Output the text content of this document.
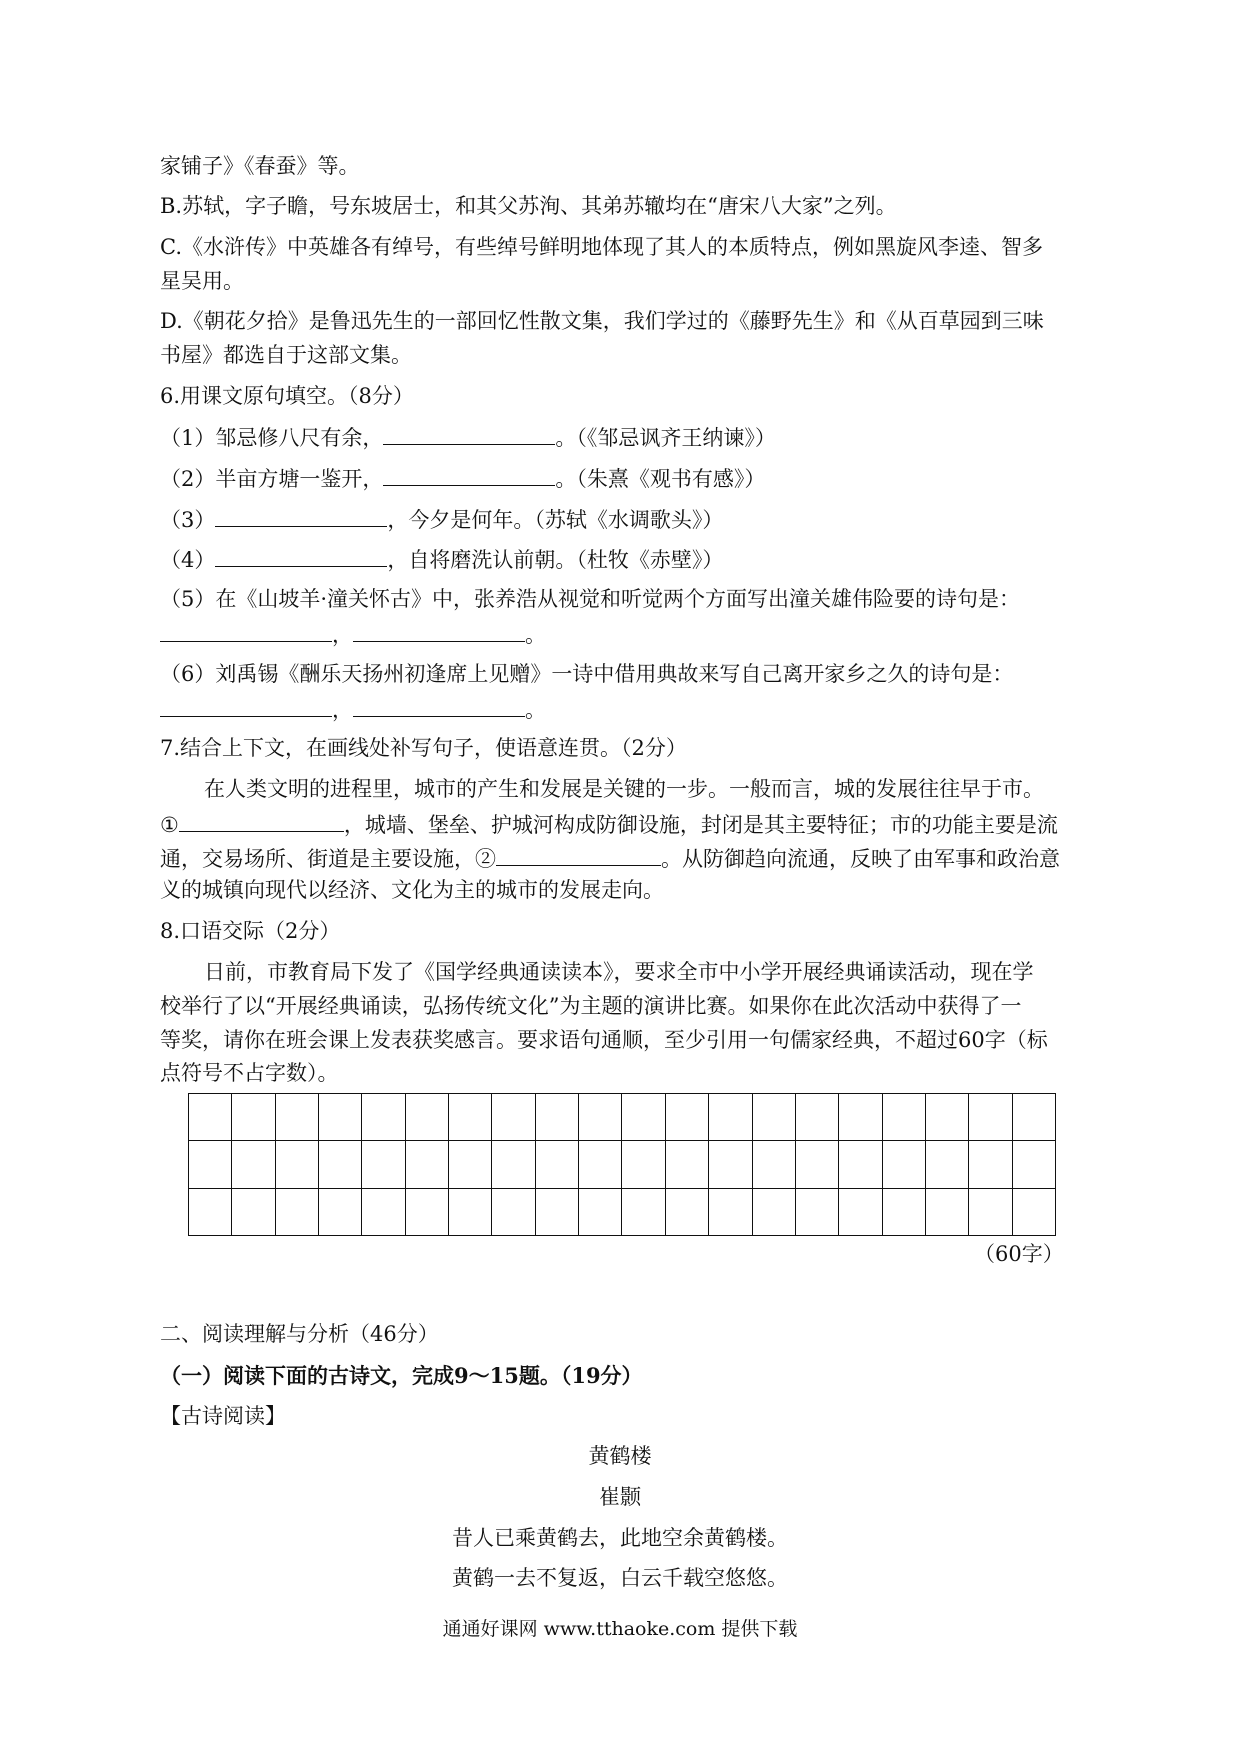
家铺子》《春蚕》等。
B.苏轼，字子瞻，号东坡居士，和其父苏洵、其弟苏辙均在“唐宋八大家”之列。
C.《水浒传》中英雄各有绰号，有些绰号鲜明地体现了其人的本质特点，例如黑旋风李逵、智多
星吴用。
D.《朝花夕拾》是鲁迅先生的一部回忆性散文集，我们学过的《藤野先生》和《从百草园到三味
书屋》都选自于这部文集。
6.用课文原句填空。（8分）
（1）邹忌修八尺有余，	。（《邹忌讽齐王纳谏》）
（2）半亩方塘一鉴开，	。（朱熹《观书有感》）
（3）	，今夕是何年。（苏轼《水调歌头》）
（4）	，自将磨洗认前朝。（杜牧《赤壁》）
（5）在《山坡羊·潼关怀古》中，张养浩从视觉和听觉两个方面写出潼关雄伟险要的诗句是：
，	。
（6）刘禹锡《酬乐天扬州初逢席上见赠》一诗中借用典故来写自己离开家乡之久的诗句是：
，	。
7.结合上下文，在画线处补写句子，使语意连贯。（2分）
在人类文明的进程里，城市的产生和发展是关键的一步。一般而言，城的发展往往早于市。
①	，城墙、堡垒、护城河构成防御设施，封闭是其主要特征；市的功能主要是流
通，交易场所、街道是主要设施，②	。从防御趋向流通，反映了由军事和政治意
义的城镇向现代以经济、文化为主的城市的发展走向。
8.口语交际（2分）
日前，市教育局下发了《国学经典通读读本》，要求全市中小学开展经典诵读活动，现在学
校举行了以“开展经典诵读，弘扬传统文化”为主题的演讲比赛。如果你在此次活动中获得了一
等奖，请你在班会课上发表获奖感言。要求语句通顺，至少引用一句儒家经典，不超过60字（标
点符号不占字数）。
（60字）
二、阅读理解与分析（46分）
（一）阅读下面的古诗文，完成9～15题。（19分）
【古诗阅读】
黄鹤楼
崔颢
昔人已乘黄鹤去，此地空余黄鹤楼。
黄鹤一去不复返，白云千载空悠悠。
通通好课网 www.tthaoke.com 提供下载
